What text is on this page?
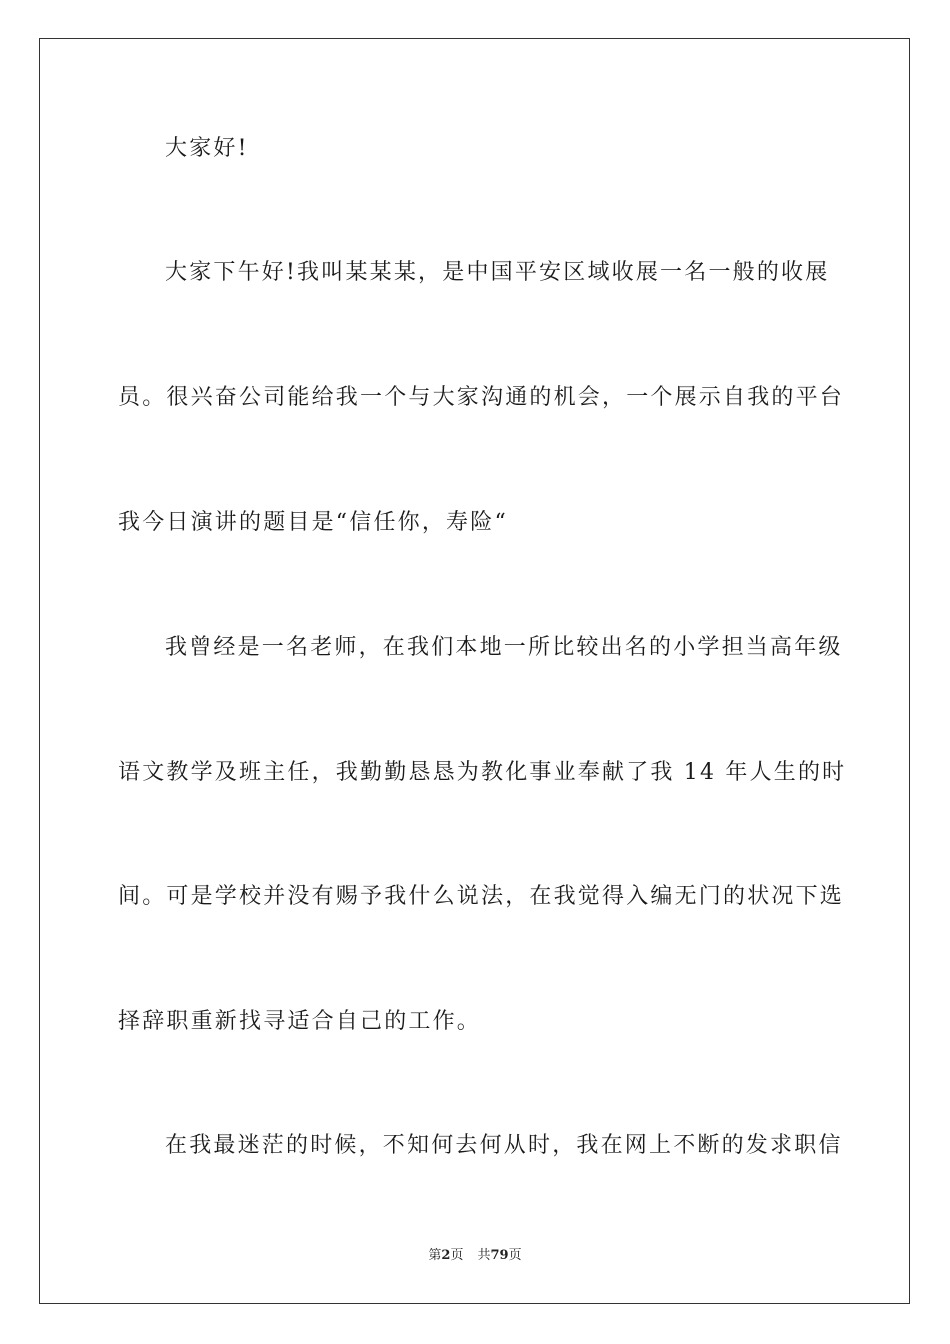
大家好!
大家下午好!我叫某某某，是中国平安区域收展一名一般的收展
员。很兴奋公司能给我一个与大家沟通的机会，一个展示自我的平台
我今日演讲的题目是“信任你，寿险“
我曾经是一名老师，在我们本地一所比较出名的小学担当高年级
语文教学及班主任，我勤勤恳恳为教化事业奉献了我 14 年人生的时
间。可是学校并没有赐予我什么说法，在我觉得入编无门的状况下选
择辞职重新找寻适合自己的工作。
在我最迷茫的时候，不知何去何从时，我在网上不断的发求职信
第2页 共79页
